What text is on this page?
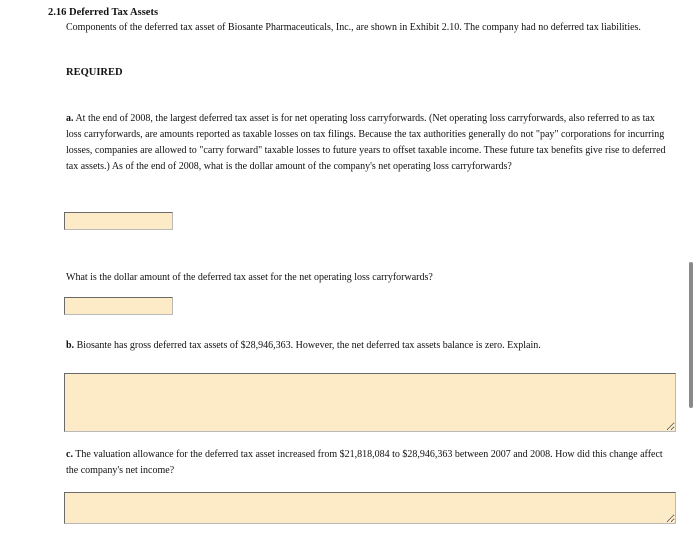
2.16 Deferred Tax Assets
Components of the deferred tax asset of Biosante Pharmaceuticals, Inc., are shown in Exhibit 2.10. The company had no deferred tax liabilities.
REQUIRED
a. At the end of 2008, the largest deferred tax asset is for net operating loss carryforwards. (Net operating loss carryforwards, also referred to as tax loss carryforwards, are amounts reported as taxable losses on tax filings. Because the tax authorities generally do not "pay" corporations for incurring losses, companies are allowed to "carry forward" taxable losses to future years to offset taxable income. These future tax benefits give rise to deferred tax assets.) As of the end of 2008, what is the dollar amount of the company's net operating loss carryforwards?
What is the dollar amount of the deferred tax asset for the net operating loss carryforwards?
b. Biosante has gross deferred tax assets of $28,946,363. However, the net deferred tax assets balance is zero. Explain.
c. The valuation allowance for the deferred tax asset increased from $21,818,084 to $28,946,363 between 2007 and 2008. How did this change affect the company's net income?
